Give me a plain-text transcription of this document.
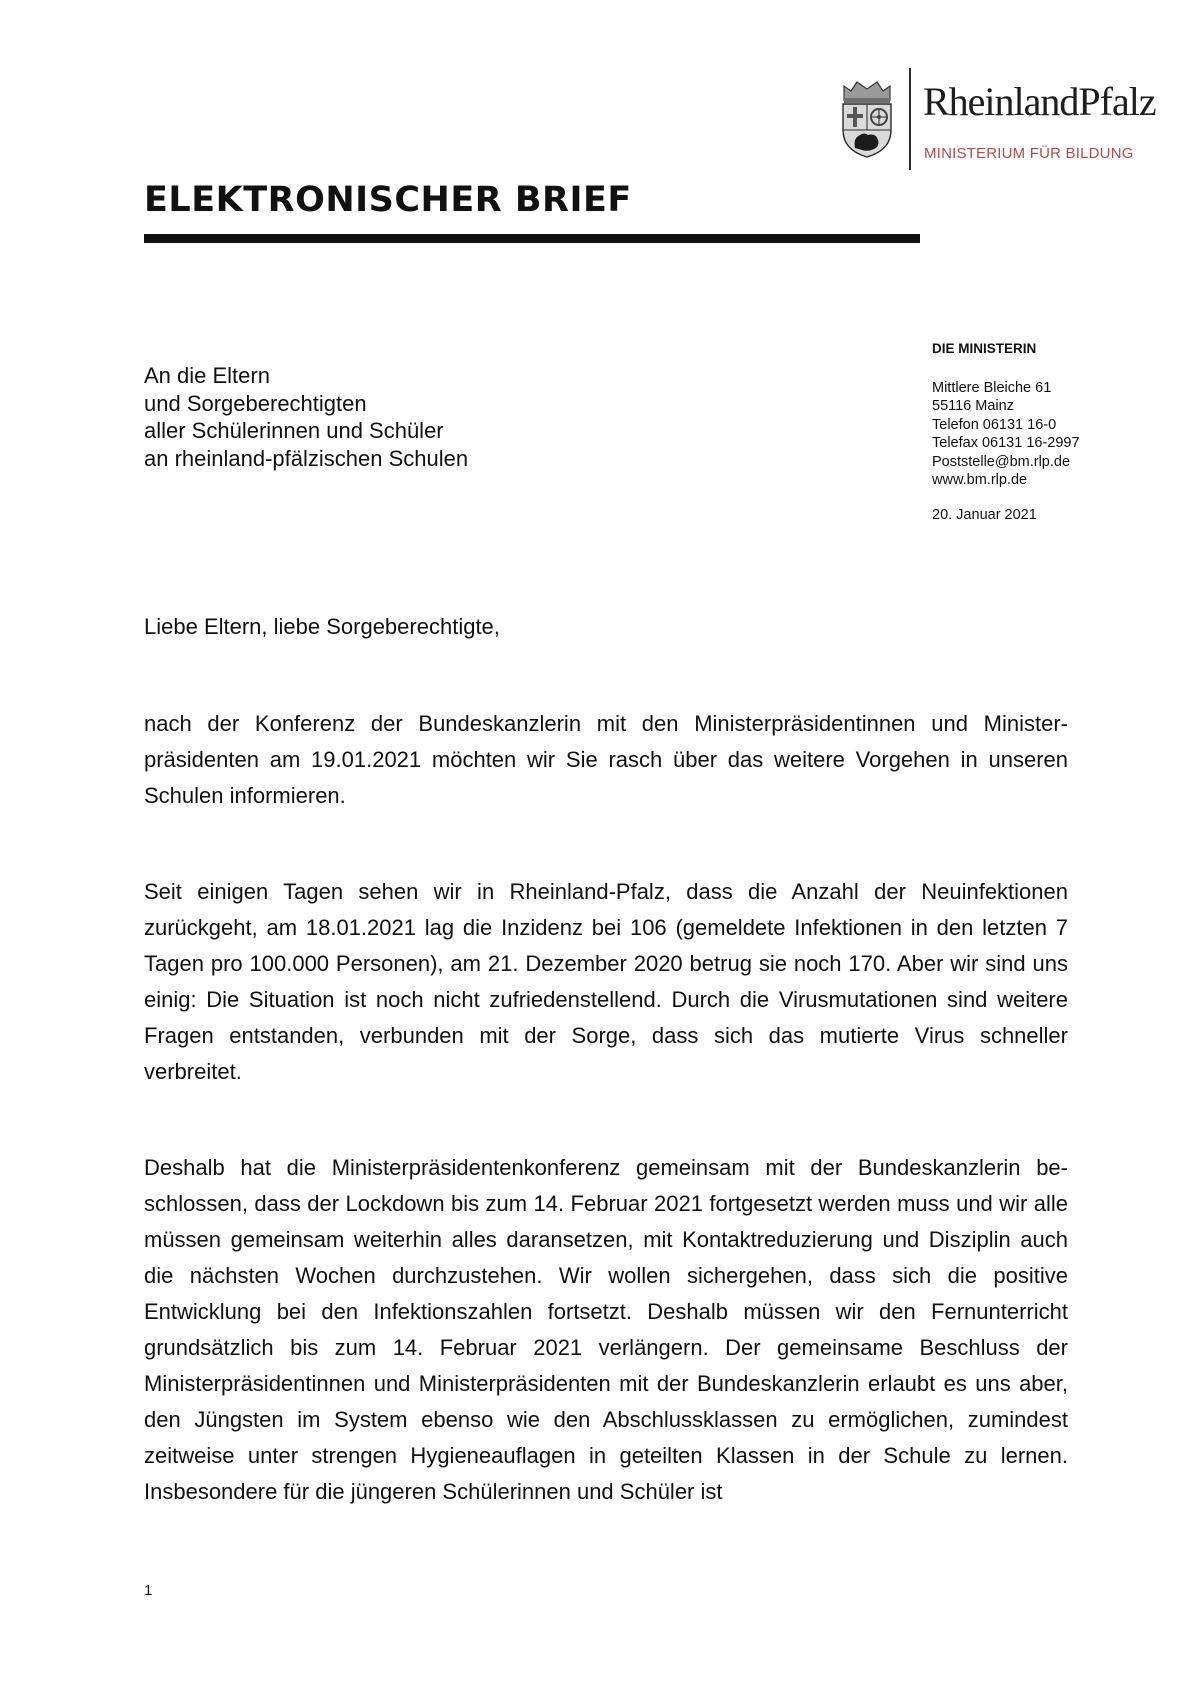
RheinlandPfalz
MINISTERIUM FÜR BILDUNG
ELEKTRONISCHER BRIEF
An die Eltern
und Sorgeberechtigten
aller Schülerinnen und Schüler
an rheinland-pfälzischen Schulen
DIE MINISTERIN
Mittlere Bleiche 61
55116 Mainz
Telefon 06131 16-0
Telefax 06131 16-2997
Poststelle@bm.rlp.de
www.bm.rlp.de
20. Januar 2021
Liebe Eltern, liebe Sorgeberechtigte,

nach der Konferenz der Bundeskanzlerin mit den Ministerpräsidentinnen und Ministerpräsidenten am 19.01.2021 möchten wir Sie rasch über das weitere Vorgehen in unseren Schulen informieren.

Seit einigen Tagen sehen wir in Rheinland-Pfalz, dass die Anzahl der Neuinfektionen zurückgeht, am 18.01.2021 lag die Inzidenz bei 106 (gemeldete Infektionen in den letzten 7 Tagen pro 100.000 Personen), am 21. Dezember 2020 betrug sie noch 170. Aber wir sind uns einig: Die Situation ist noch nicht zufriedenstellend. Durch die Virusmutationen sind weitere Fragen entstanden, verbunden mit der Sorge, dass sich das mutierte Virus schneller verbreitet.

Deshalb hat die Ministerpräsidentenkonferenz gemeinsam mit der Bundeskanzlerin beschlossen, dass der Lockdown bis zum 14. Februar 2021 fortgesetzt werden muss und wir alle müssen gemeinsam weiterhin alles daransetzen, mit Kontaktreduzierung und Disziplin auch die nächsten Wochen durchzustehen. Wir wollen sichergehen, dass sich die positive Entwicklung bei den Infektionszahlen fortsetzt. Deshalb müssen wir den Fernunterricht grundsätzlich bis zum 14. Februar 2021 verlängern. Der gemeinsame Beschluss der Ministerpräsidentinnen und Ministerpräsidenten mit der Bundeskanzlerin erlaubt es uns aber, den Jüngsten im System ebenso wie den Abschlussklassen zu ermöglichen, zumindest zeitweise unter strengen Hygieneauflagen in geteilten Klassen in der Schule zu lernen. Insbesondere für die jüngeren Schülerinnen und Schüler ist

1
